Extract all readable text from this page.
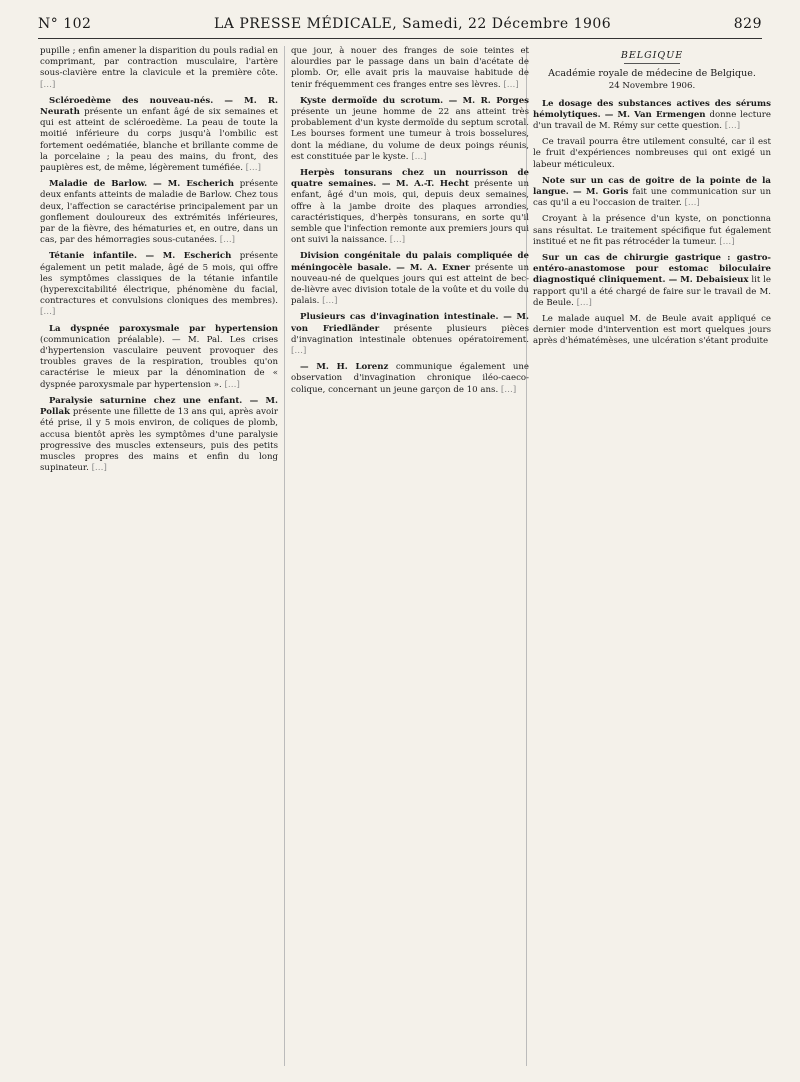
N° 102	LA PRESSE MÉDICALE, Samedi, 22 Décembre 1906	829

pupille ; enfin amener la disparition du pouls radial en comprimant, par contraction musculaire, l'artère sous-clavière entre la clavicule et la première côte. […]

Scléroedème des nouveau-nés. — M. R. Neurath présente un enfant âgé de six semaines et qui est atteint de scléroedème. La peau de toute la moitié inférieure du corps jusqu'à l'ombilic est fortement oedématiée, blanche et brillante comme de la porcelaine ; la peau des mains, du front, des paupières est, de même, légèrement tuméfiée. […]

Maladie de Barlow. — M. Escherich présente deux enfants atteints de maladie de Barlow. Chez tous deux, l'affection se caractérise principalement par un gonflement douloureux des extrémités inférieures, par de la fièvre, des hématuries et, en outre, dans un cas, par des hémorragies sous-cutanées. […]

Tétanie infantile. — M. Escherich présente également un petit malade, âgé de 5 mois, qui offre les symptômes classiques de la tétanie infantile (hyperexcitabilité électrique, phénomène du facial, contractures et convulsions cloniques des membres). […]

La dyspnée paroxysmale par hypertension (communication préalable). — M. Pal. Les crises d'hypertension vasculaire peuvent provoquer des troubles graves de la respiration, troubles qu'on caractérise le mieux par la dénomination de « dyspnée paroxysmale par hypertension ». […]

Paralysie saturnine chez une enfant. — M. Pollak présente une fillette de 13 ans qui, après avoir été prise, il y 5 mois environ, de coliques de plomb, accusa bientôt après les symptômes d'une paralysie progressive des muscles extenseurs, puis des petits muscles propres des mains et enfin du long supinateur. […]

que jour, à nouer des franges de soie teintes et alourdies par le passage dans un bain d'acétate de plomb. Or, elle avait pris la mauvaise habitude de tenir fréquemment ces franges entre ses lèvres. […]

Kyste dermoïde du scrotum. — M. R. Porges présente un jeune homme de 22 ans atteint très probablement d'un kyste dermoïde du septum scrotal. Les bourses forment une tumeur à trois bosselures, dont la médiane, du volume de deux poings réunis, est constituée par le kyste. […]

Herpès tonsurans chez un nourrisson de quatre semaines. — M. A.-T. Hecht présente un enfant, âgé d'un mois, qui, depuis deux semaines, offre à la jambe droite des plaques arrondies, caractéristiques, d'herpès tonsurans, en sorte qu'il semble que l'infection remonte aux premiers jours qui ont suivi la naissance. […]

Division congénitale du palais compliquée de méningocèle basale. — M. A. Exner présente un nouveau-né de quelques jours qui est atteint de bec-de-lièvre avec division totale de la voûte et du voile du palais. […]

Plusieurs cas d'invagination intestinale. — M. von Friedländer présente plusieurs pièces d'invagination intestinale obtenues opératoirement. […]

— M. H. Lorenz communique également une observation d'invagination chronique iléo-caeco-colique, concernant un jeune garçon de 10 ans. […]

BELGIQUE
Académie royale de médecine de Belgique.
24 Novembre 1906.

Le dosage des substances actives des sérums hémolytiques. — M. Van Ermengen donne lecture d'un travail de M. Rémy sur cette question. […]

Ce travail pourra être utilement consulté, car il est le fruit d'expériences nombreuses qui ont exigé un labeur méticuleux.

Note sur un cas de goitre de la pointe de la langue. — M. Goris fait une communication sur un cas qu'il a eu l'occasion de traiter. […]

Croyant à la présence d'un kyste, on ponctionna sans résultat. Le traitement spécifique fut également institué et ne fit pas rétrocéder la tumeur. […]

Sur un cas de chirurgie gastrique : gastro-entéro-anastomose pour estomac biloculaire diagnostiqué cliniquement. — M. Debaisieux lit le rapport qu'il a été chargé de faire sur le travail de M. de Beule. […]

Le malade auquel M. de Beule avait appliqué ce dernier mode d'intervention est mort quelques jours après d'hématémèses, une ulcération s'étant produite
